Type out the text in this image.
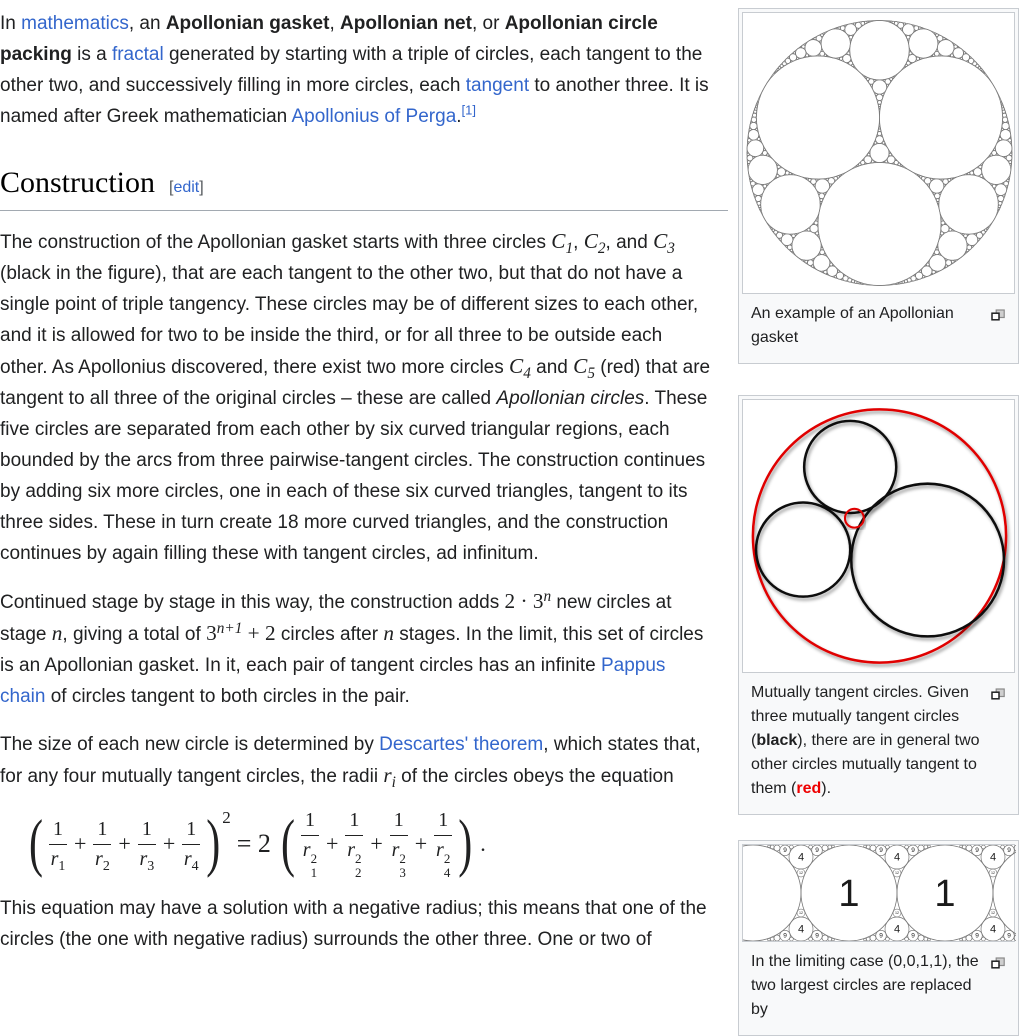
In mathematics, an Apollonian gasket, Apollonian net, or Apollonian circle packing is a fractal generated by starting with a triple of circles, each tangent to the other two, and successively filling in more circles, each tangent to another three. It is named after Greek mathematician Apollonius of Perga.[1]

Construction [edit]

The construction of the Apollonian gasket starts with three circles $C_1$, $C_2$, and $C_3$ (black in the figure), that are each tangent to the other two, but that do not have a single point of triple tangency. These circles may be of different sizes to each other, and it is allowed for two to be inside the third, or for all three to be outside each other. As Apollonius discovered, there exist two more circles $C_4$ and $C_5$ (red) that are tangent to all three of the original circles – these are called Apollonian circles. These five circles are separated from each other by six curved triangular regions, each bounded by the arcs from three pairwise-tangent circles. The construction continues by adding six more circles, one in each of these six curved triangles, tangent to its three sides. These in turn create 18 more curved triangles, and the construction continues by again filling these with tangent circles, ad infinitum.

Continued stage by stage in this way, the construction adds $2 \cdot 3^n$ new circles at stage n, giving a total of $3^{n+1} + 2$ circles after n stages. In the limit, this set of circles is an Apollonian gasket. In it, each pair of tangent circles has an infinite Pappus chain of circles tangent to both circles in the pair.

The size of each new circle is determined by Descartes' theorem, which states that, for any four mutually tangent circles, the radii $r_i$ of the circles obeys the equation

( $\frac{1}{r_1} + \frac{1}{r_2} + \frac{1}{r_3} + \frac{1}{r_4}$ ) 2= 2 ( 1
r 2
1 + 1
r 2
2 + 1
r 2
3 + 1
r 2
4 ) .

This equation may have a solution with a negative radius; this means that one of the circles (the one with negative radius) surrounds the other three. One or two of

An example of an Apollonian gasket
Mutually tangent circles. Given three mutually tangent circles (black), there are in general two other circles mutually tangent to them (red).
1 1
4
4
9
9
9
9
12
12
4
4
9
9
9
9
12
12
4
4
9
9
9
9
12
12
In the limiting case (0,0,1,1), the two largest circles are replaced by
